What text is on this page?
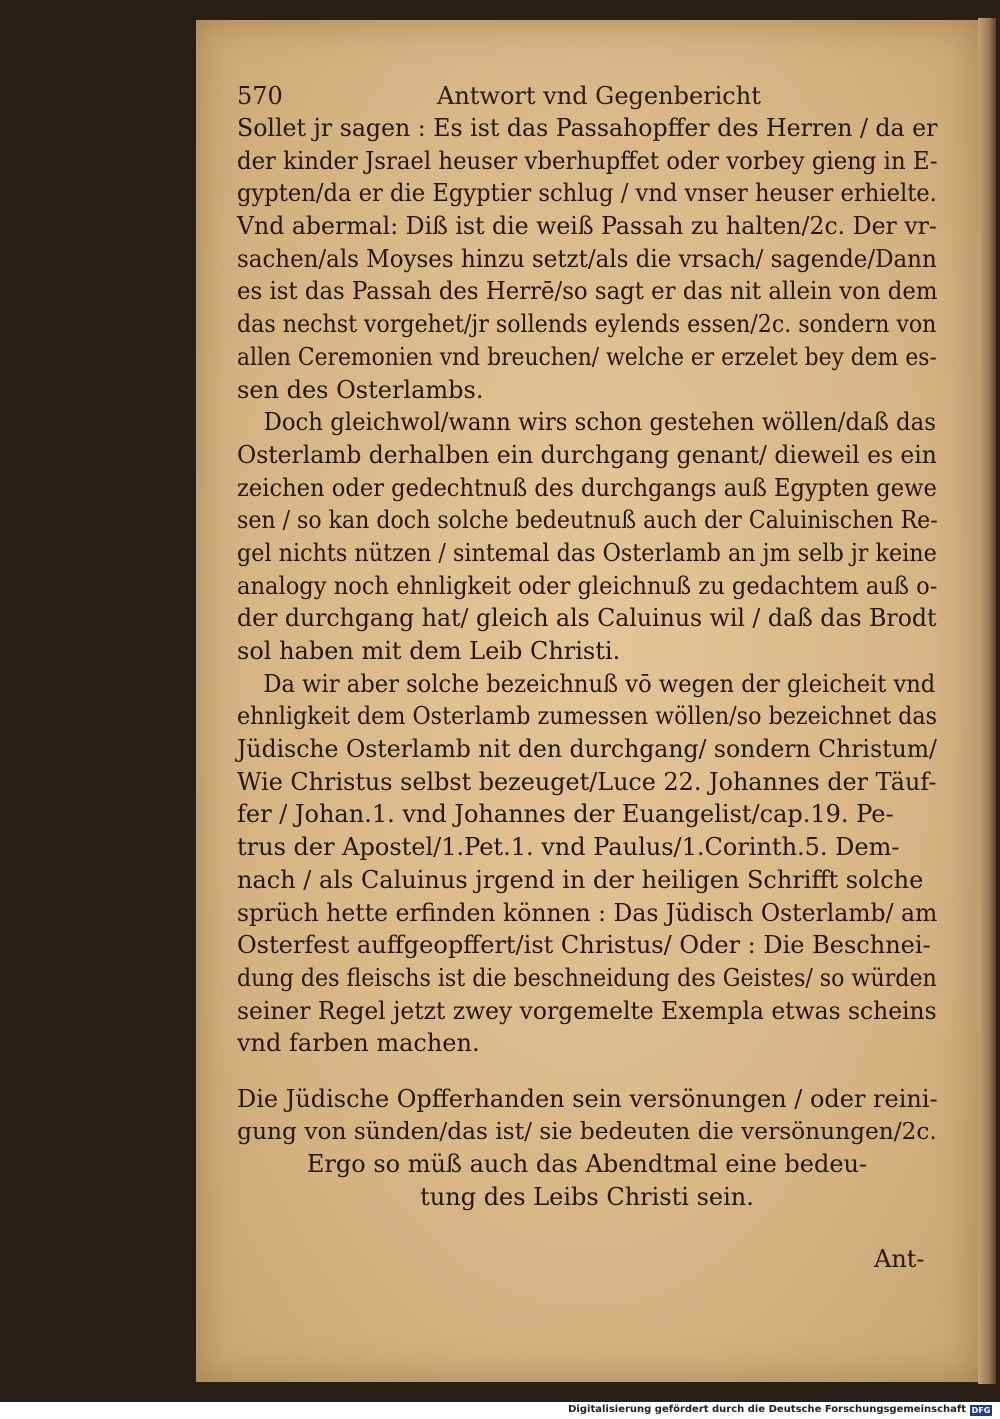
570	Antwort vnd Gegenbericht
Sollet jr sagen : Es ist das Passahopffer des Herren / da er
der kinder Jsrael heuser vberhupffet oder vorbey gieng in E-
gypten/da er die Egyptier schlug / vnd vnser heuser erhielte.
Vnd abermal: Diß ist die weiß Passah zu halten/2c. Der vr-
sachen/als Moyses hinzu setzt/als die vrsach/ sagende/Dann
es ist das Passah des Herrē/so sagt er das nit allein von dem
das nechst vorgehet/jr sollends eylends essen/2c. sondern von
allen Ceremonien vnd breuchen/ welche er erzelet bey dem es-
sen des Osterlambs.
Doch gleichwol/wann wirs schon gestehen wöllen/daß das
Osterlamb derhalben ein durchgang genant/ dieweil es ein
zeichen oder gedechtnuß des durchgangs auß Egypten gewe
sen / so kan doch solche bedeutnuß auch der Caluinischen Re-
gel nichts nützen / sintemal das Osterlamb an jm selb jr keine
analogy noch ehnligkeit oder gleichnuß zu gedachtem auß o-
der durchgang hat/ gleich als Caluinus wil / daß das Brodt
sol haben mit dem Leib Christi.
Da wir aber solche bezeichnuß vō wegen der gleicheit vnd
ehnligkeit dem Osterlamb zumessen wöllen/so bezeichnet das
Jüdische Osterlamb nit den durchgang/ sondern Christum/
Wie Christus selbst bezeuget/Luce 22. Johannes der Täuf-
fer / Johan.1. vnd Johannes der Euangelist/cap.19. Pe-
trus der Apostel/1.Pet.1. vnd Paulus/1.Corinth.5. Dem-
nach / als Caluinus jrgend in der heiligen Schrifft solche
sprüch hette erfinden können : Das Jüdisch Osterlamb/ am
Osterfest auffgeopffert/ist Christus/ Oder : Die Beschnei-
dung des fleischs ist die beschneidung des Geistes/ so würden
seiner Regel jetzt zwey vorgemelte Exempla etwas scheins
vnd farben machen.
Die Jüdische Opfferhanden sein versönungen / oder reini-
gung von sünden/das ist/ sie bedeuten die versönungen/2c.
Ergo so müß auch das Abendtmal eine bedeu-
tung des Leibs Christi sein.
Ant-
Digitalisierung gefördert durch die Deutsche Forschungsgemeinschaft DFG
